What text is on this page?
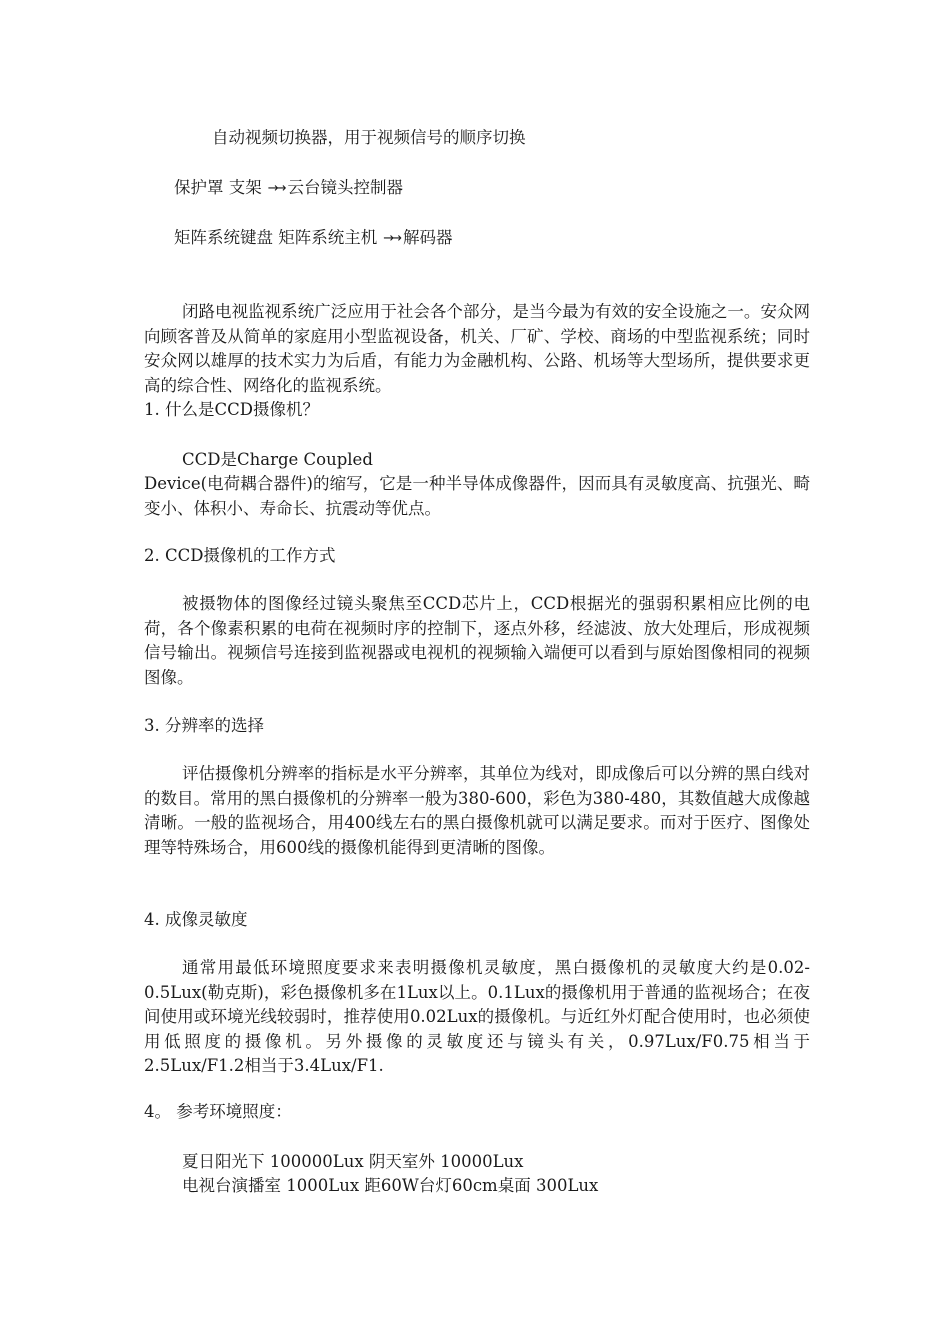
自动视频切换器，用于视频信号的顺序切换
保护罩 支架 →→ 云台镜头控制器
矩阵系统键盘 矩阵系统主机 →→ 解码器
闭路电视监视系统广泛应用于社会各个部分，是当今最为有效的安全设施之一。安众网向顾客普及从简单的家庭用小型监视设备，机关、厂矿、学校、商场的中型监视系统；同时安众网以雄厚的技术实力为后盾，有能力为金融机构、公路、机场等大型场所，提供要求更高的综合性、网络化的监视系统。
1. 什么是CCD摄像机？
CCD是Charge Coupled
Device(电荷耦合器件)的缩写，它是一种半导体成像器件，因而具有灵敏度高、抗强光、畸变小、体积小、寿命长、抗震动等优点。
2. CCD摄像机的工作方式
被摄物体的图像经过镜头聚焦至CCD芯片上，CCD根据光的强弱积累相应比例的电荷，各个像素积累的电荷在视频时序的控制下，逐点外移，经滤波、放大处理后，形成视频信号输出。视频信号连接到监视器或电视机的视频输入端便可以看到与原始图像相同的视频图像。
3. 分辨率的选择
评估摄像机分辨率的指标是水平分辨率，其单位为线对，即成像后可以分辨的黑白线对的数目。常用的黑白摄像机的分辨率一般为380-600，彩色为380-480，其数值越大成像越清晰。一般的监视场合，用400线左右的黑白摄像机就可以满足要求。而对于医疗、图像处理等特殊场合，用600线的摄像机能得到更清晰的图像。
4. 成像灵敏度
通常用最低环境照度要求来表明摄像机灵敏度，黑白摄像机的灵敏度大约是0.02-0.5Lux(勒克斯)，彩色摄像机多在1Lux以上。0.1Lux的摄像机用于普通的监视场合；在夜间使用或环境光线较弱时，推荐使用0.02Lux的摄像机。与近红外灯配合使用时，也必须使用低照度的摄像机。另外摄像的灵敏度还与镜头有关，0.97Lux/F0.75相当于2.5Lux/F1.2相当于3.4Lux/F1.
4。 参考环境照度：
夏日阳光下 100000Lux 阴天室外 10000Lux
电视台演播室 1000Lux 距60W台灯60cm桌面 300Lux
